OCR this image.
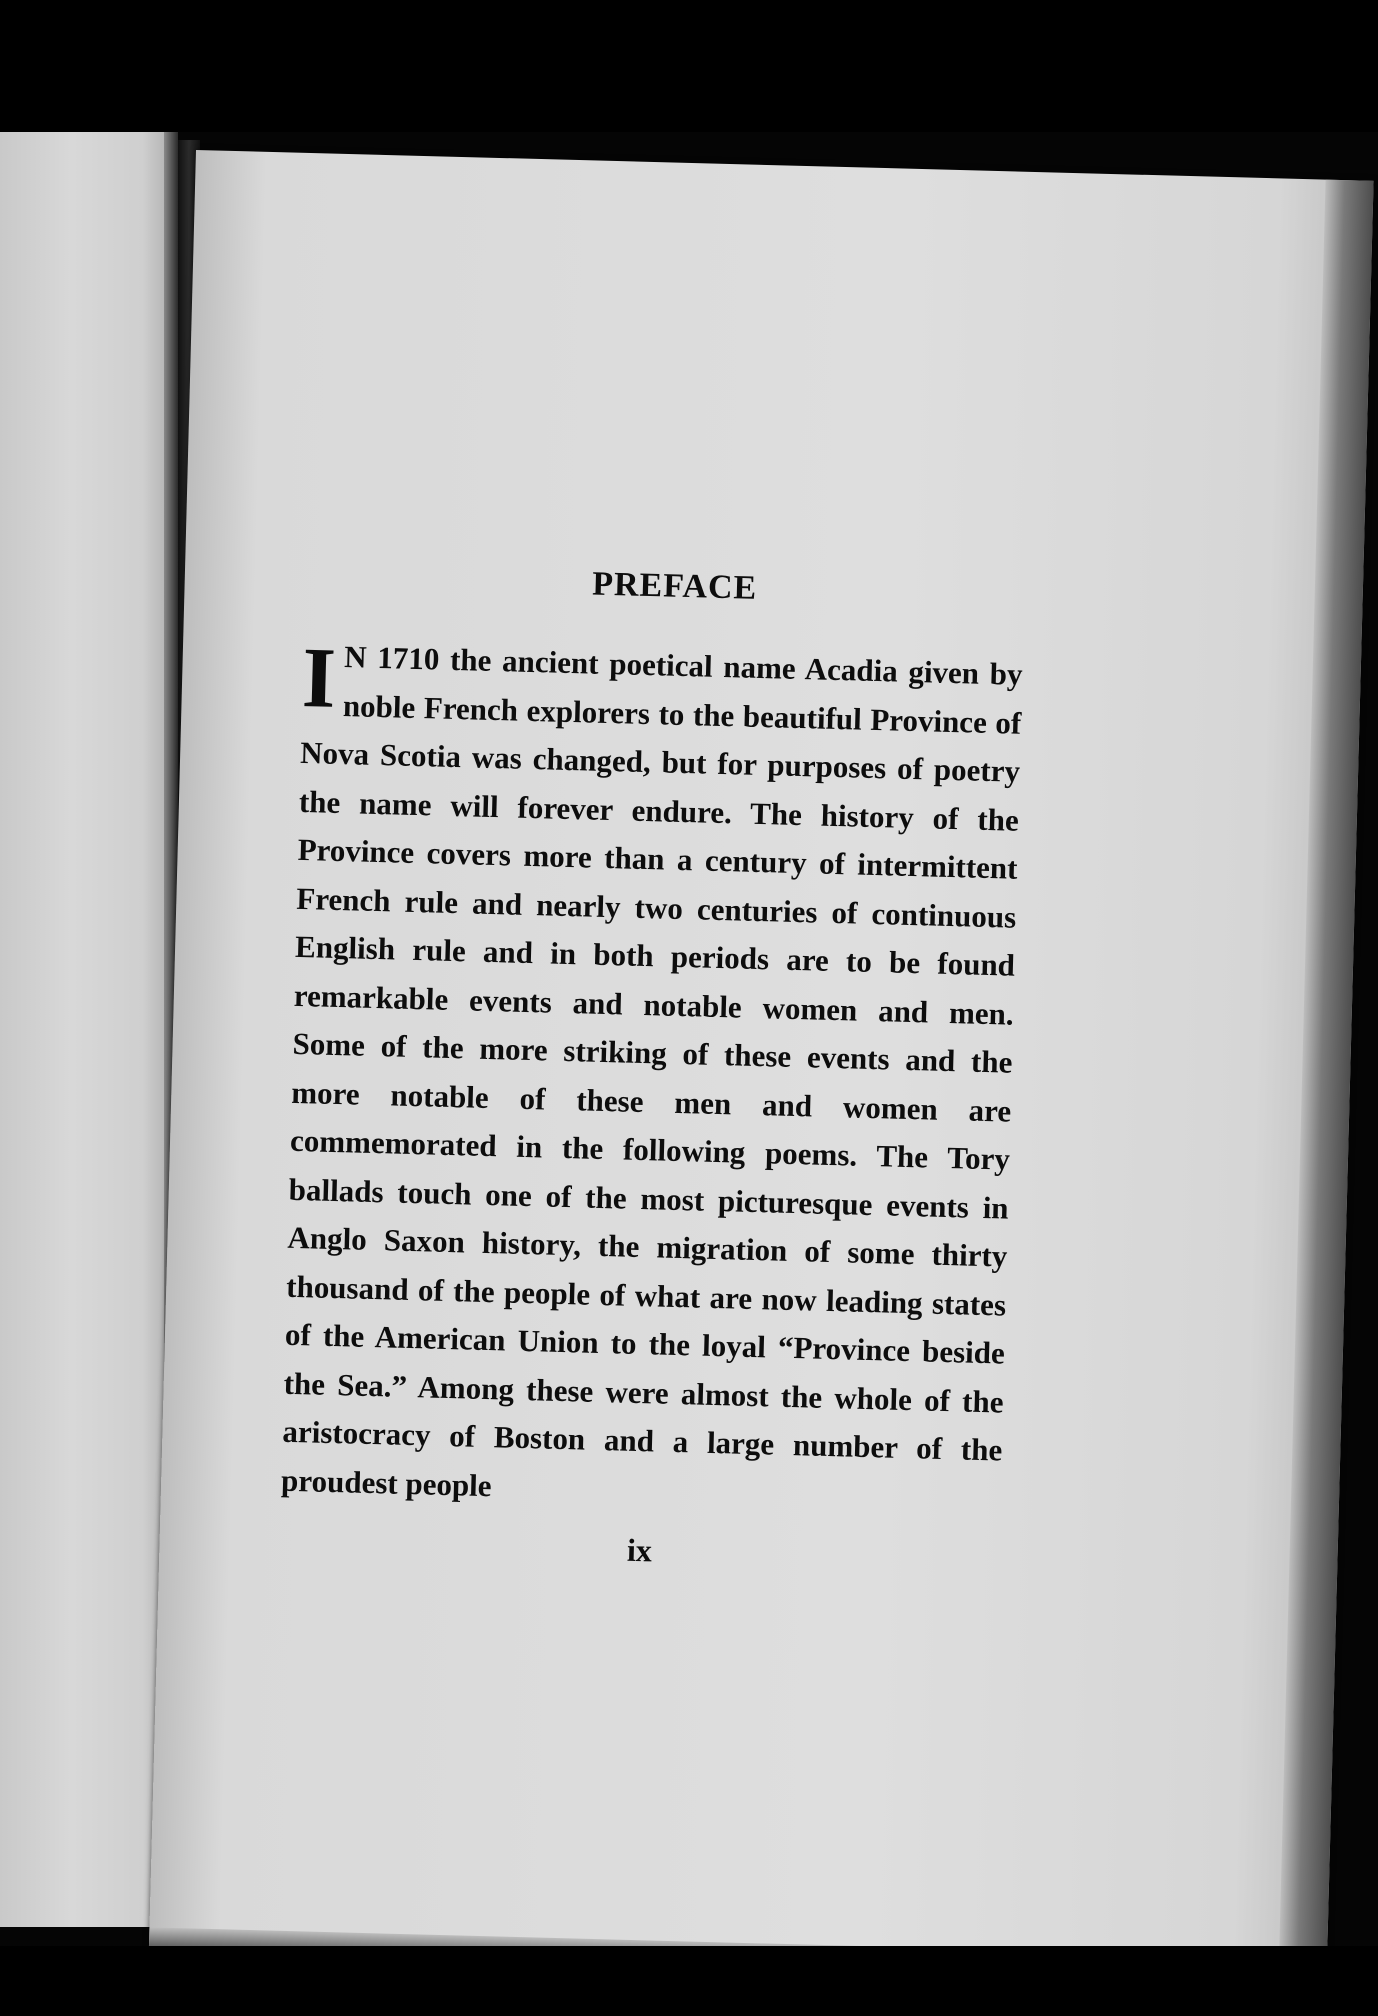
PREFACE

I N 1710 the ancient poetical name Acadia given by noble French explorers to the beautiful Province of Nova Scotia was changed, but for purposes of poetry the name will forever endure. The history of the Province covers more than a century of intermittent French rule and nearly two centuries of continuous English rule and in both periods are to be found remarkable events and notable women and men. Some of the more striking of these events and the more notable of these men and women are commemorated in the following poems. The Tory ballads touch one of the most picturesque events in Anglo Saxon history, the migration of some thirty thousand of the people of what are now leading states of the American Union to the loyal “Province beside the Sea.” Among these were almost the whole of the aristocracy of Boston and a large number of the proudest people

ix
